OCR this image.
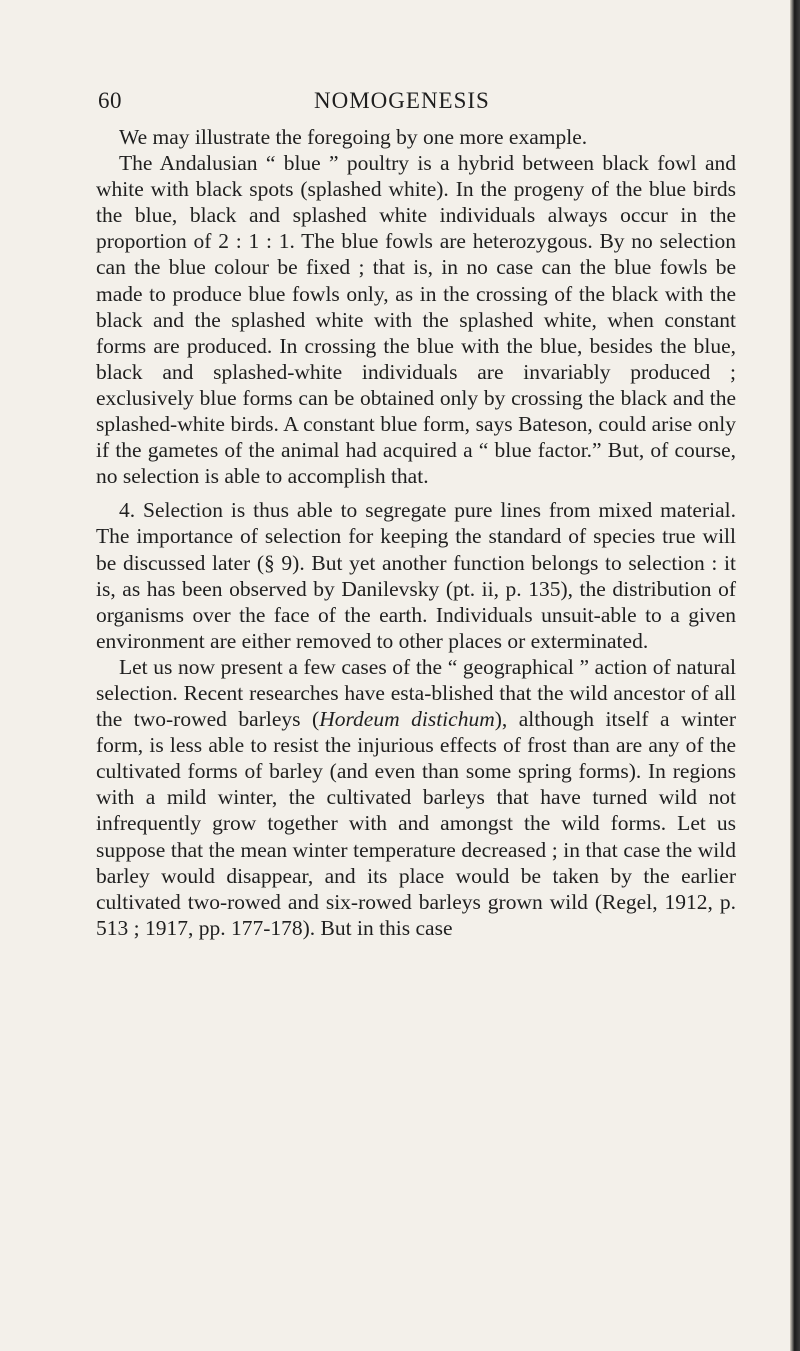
60	NOMOGENESIS

We may illustrate the foregoing by one more example.

The Andalusian “ blue ” poultry is a hybrid between black fowl and white with black spots (splashed white). In the progeny of the blue birds the blue, black and splashed white individuals always occur in the proportion of 2 : 1 : 1. The blue fowls are heterozygous. By no selection can the blue colour be fixed ; that is, in no case can the blue fowls be made to produce blue fowls only, as in the crossing of the black with the black and the splashed white with the splashed white, when constant forms are produced. In crossing the blue with the blue, besides the blue, black and splashed-white individuals are invariably produced ; exclusively blue forms can be obtained only by crossing the black and the splashed-white birds. A constant blue form, says Bateson, could arise only if the gametes of the animal had acquired a “ blue factor.” But, of course, no selection is able to accomplish that.

4. Selection is thus able to segregate pure lines from mixed material. The importance of selection for keeping the standard of species true will be discussed later (§ 9). But yet another function belongs to selection : it is, as has been observed by Danilevsky (pt. ii, p. 135), the distribution of organisms over the face of the earth. Individuals unsuit-able to a given environment are either removed to other places or exterminated.

Let us now present a few cases of the “ geographical ” action of natural selection. Recent researches have esta-blished that the wild ancestor of all the two-rowed barleys (Hordeum distichum), although itself a winter form, is less able to resist the injurious effects of frost than are any of the cultivated forms of barley (and even than some spring forms). In regions with a mild winter, the cultivated barleys that have turned wild not infrequently grow together with and amongst the wild forms. Let us suppose that the mean winter temperature decreased ; in that case the wild barley would disappear, and its place would be taken by the earlier cultivated two-rowed and six-rowed barleys grown wild (Regel, 1912, p. 513 ; 1917, pp. 177-178). But in this case
